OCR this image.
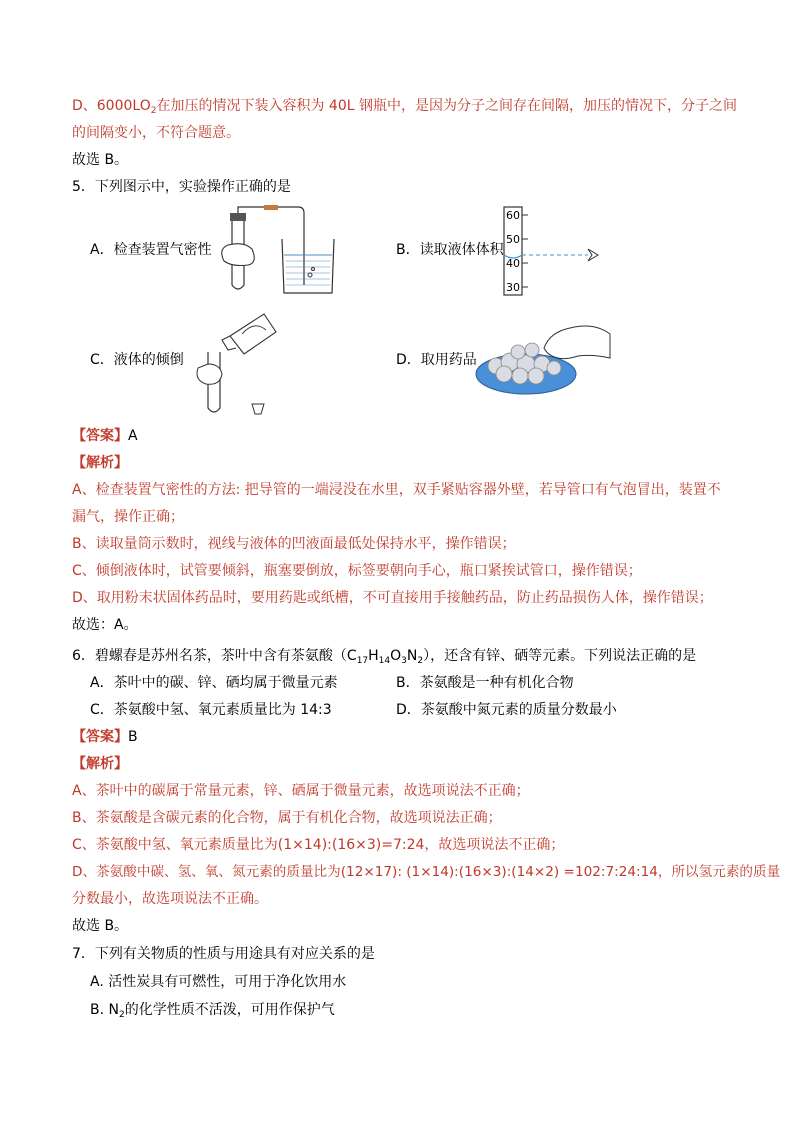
D、$6000LO_2$在加压的情况下装入容积为 40L 钢瓶中，是因为分子之间存在间隔，加压的情况下，分子之间
的间隔变小，不符合题意。
故选 B。
5．下列图示中，实验操作正确的是
A．检查装置气密性	B．读取液体体积
60
50
40
30
C．液体的倾倒	D．取用药品
【答案】A
【解析】
A、检查装置气密性的方法: 把导管的一端浸没在水里，双手紧贴容器外壁，若导管口有气泡冒出，装置不
漏气，操作正确；
B、读取量筒示数时，视线与液体的凹液面最低处保持水平，操作错误；
C、倾倒液体时，试管要倾斜，瓶塞要倒放，标签要朝向手心，瓶口紧挨试管口，操作错误；
D、取用粉末状固体药品时，要用药匙或纸槽，不可直接用手接触药品，防止药品损伤人体，操作错误；
故选：A。
6．碧螺春是苏州名茶，茶叶中含有茶氨酸$(C_{17}H_{14}O_3N_2)$，还含有锌、硒等元素。下列说法正确的是
A．茶叶中的碳、锌、硒均属于微量元素	B．茶氨酸是一种有机化合物
C．茶氨酸中氢、氧元素质量比为 14:3	D．茶氨酸中氮元素的质量分数最小
【答案】B
【解析】
A、茶叶中的碳属于常量元素，锌、硒属于微量元素，故选项说法不正确；
B、茶氨酸是含碳元素的化合物，属于有机化合物，故选项说法正确；
C、茶氨酸中氢、氧元素质量比为(1×14):(16×3)=7:24，故选项说法不正确；
D、茶氨酸中碳、氢、氧、氮元素的质量比为(12×17): (1×14):(16×3):(14×2) =102:7:24:14，所以氢元素的质量
分数最小，故选项说法不正确。
故选 B。
7．下列有关物质的性质与用途具有对应关系的是
A. 活性炭具有可燃性，可用于净化饮用水
B. $N_2$的化学性质不活泼，可用作保护气
